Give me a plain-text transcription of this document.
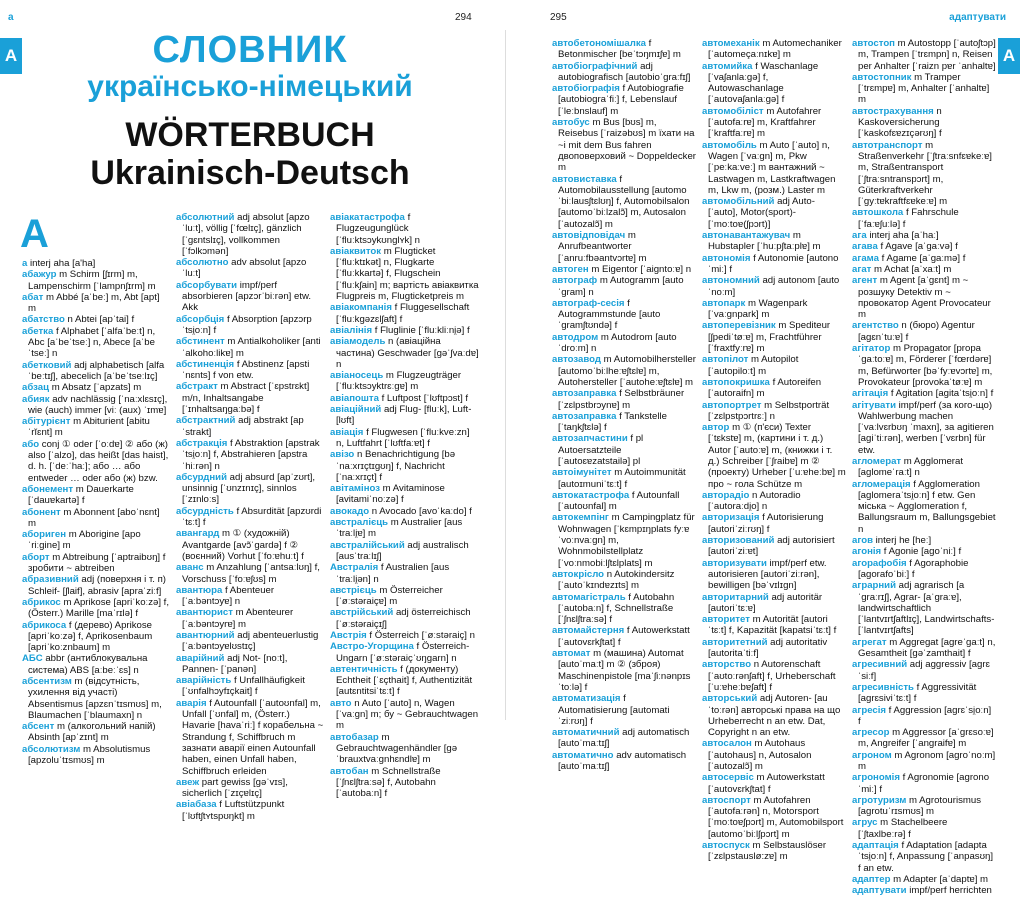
а	294	295	адаптувати
А	А
СЛОВНИК
українсько-німецький
WÖRTERBUCH
Ukrainisch-Deutsch
А

а interj aha [a'ha]

абажур m Schirm [ʃɪrm] m, Lampenschirm [ˈlampnʃɪrm] m

абат m Abbé [aˈbeː] m, Abt [apt] m

абатство n Abtei [apˈtai] f

абетка f Alphabet [ˈalfaˈbeːt] n, Abc [aˈbeˈtseː] n, Abece [aˈbeˈtseː] n

абетковий adj alphabetisch [alfaˈbeːtɪʃ], abecelich [aˈbeˈtseːlɪç]

абзац m Absatz [ˈapzats] m

абияк adv nachlässig [ˈnaːxlɛsɪç], wie (auch) immer [viː (aux) ˈɪmɐ]

абітурієнт m Abiturient [abituˈrĭɛnt] m

або conj ① oder [ˈoːdɐ] ② або (ж) also [ˈalzo], das heißt [das haist], d. h. [ˈdeːˈhaː]; або … або entweder … oder або (ж) bzw.

абонемент m Dauerkarte [ˈdauɐkartə] f

абонент m Abonnent [aboˈnɛnt] m

абориген m Aborigine [apoˈriːgine] m

аборт m Abtreibung [ˈaptraibʊŋ] f зробити ~ abtreiben

абразивний adj (поверхня і т. п) Schleif- [ʃlaif], abrasiv [apraˈziːf]

абрикос m Aprikose [apriˈkoːzə] f, (Österr.) Marille [maˈrɪlə] f

абрикоса f (дерево) Aprikose [apriˈkoːzə] f, Aprikosenbaum [apriˈkoːznbaum] m

АБС abbr (антиблокувальна система) ABS [aːbeːˈɛs] n

абсентизм m (відсутність, ухилення від участі) Absentismus [apzɛnˈtɪsmʊs] m, Blaumachen [ˈblaumaxn] n

абсент m (алкогольний напій) Absinth [apˈzɪnt] m

абсолютизм m Absolutismus [apzoluˈtɪsmʊs] m

абсолютний adj absolut [apzoˈluːt], völlig [ˈfœlɪç], gänzlich [ˈgɛntslɪç], vollkommen [ˈfɔlkɔmən]

абсолютно adv absolut [apzoˈluːt]

абсорбувати impf/perf absorbieren [apzɔrˈbiːrən] etw. Akk

абсорбція f Absorption [apzɔrpˈtsi̯oːn] f

абстинент m Antialkoholiker [antiˈalkohoːlikɐ] m

абстиненція f Abstinenz [apstiˈnɛnts] f von etw.

абстракт m Abstract [ˈɛpstrɛkt] m/n, Inhaltsangabe [ˈɪnhaltsaŋgaːbə] f

абстрактний adj abstrakt [apˈstrakt]

абстракція f Abstraktion [apstrakˈtsi̯oːn] f, Abstrahieren [apstraˈhiːrən] n

абсурдний adj absurd [apˈzʊrt], unsinnig [ˈʊnzɪnɪç], sinnlos [ˈzɪnloːs]

абсурдність f Absurdität [apzʊrdiˈtɛːt] f

авангард m ① (художній) Avantgarde [avɔ̃ˈgardə] f ② (воєнний) Vorhut [ˈfoːɐhuːt] f

аванс m Anzahlung [ˈantsaːlʊŋ] f, Vorschuss [ˈfoːɐʃʊs] m

авантюра f Abenteuer [ˈaːbəntɔyɐ] n

авантюрист m Abenteurer [ˈaːbəntɔyrɐ] m

авантюрний adj abenteuerlustig [ˈaːbəntɔyɐlʊstɪç]

аварійний adj Not- [noːt], Pannen- [ˈpanən]

аварійність f Unfallhäufigkeit [ˈʊnfalhɔyfɪçkait] f

аварія f Autounfall [ˈautoʊnfal] m, Unfall [ˈʊnfal] m, (Österr.) Havarie [havaˈriː] f корабельна ~ Strandung f, Schiffbruch m зазнати аварії einen Autounfall haben, einen Unfall haben, Schiffbruch erleiden

авеж part gewiss [gəˈvɪs], sicherlich [ˈzɪçɐlɪç]

авіабаза f Luftstützpunkt [ˈlʊftʃtʏtspʊŋkt] m

авіакатастрофа f Flugzeugunglück [ˈfluːktsɔykʊnglʏk] n

авіаквиток m Flugticket [ˈfluːktɪkət] n, Flugkarte [ˈfluːkkartə] f, Flugschein [ˈfluːkʃain] m; вартість авіаквитка Flugpreis m, Flugticketpreis m

авіакомпанія f Fluggesellschaft [ˈfluːkgəzɛlʃaft] f

авіалінія f Fluglinie [ˈfluːkliːni̯ə] f

авіамодель n (авіаційна частина) Geschwader [gəˈʃvaːdɐ] n

авіаносець m Flugzeugträger [ˈfluːktsɔyktrɛːgɐ] m

авіапошта f Luftpost [ˈlʊftpɔst] f

авіаційний adj Flug- [fluːk], Luft- [lʊft]

авіація f Flugwesen [ˈfluːkveːzn] n, Luftfahrt [ˈlʊftfaːɐt] f

авізо n Benachrichtigung [bəˈnaːxrɪçtɪgʊŋ] f, Nachricht [ˈnaːxrɪçt] f

авітаміноз m Avitaminose [avitamiˈnoːzə] f

авокадо n Avocado [avoˈkaːdo] f

австралієць m Australier [ausˈtraːli̯ɐ] m

австралійський adj australisch [ausˈtraːlɪʃ]

Австралія f Australien [ausˈtraːli̯ən] n

австрієць m Österreicher [ˈøːstəraiçɐ] m

австрійський adj österreichisch [ˈøːstəraiçɪʃ]

Австрія f Österreich [ˈøːstəraiç] n

Австро-Угорщина f Österreich-Ungarn [ˈøːstəraiçˈʊŋgarn] n

автентичність f (документу) Echtheit [ˈɛçthait] f, Authentizität [autɛntitsiˈtɛːt] f

авто n Auto [ˈauto] n, Wagen [ˈvaːgn] m; бу ~ Gebrauchtwagen m

автобазар m Gebrauchtwagenhändler [gəˈbrauxtvaːgnhɛndlɐ] m

автобан m Schnellstraße [ˈʃnɛlʃtraːsə] f, Autobahn [ˈautobaːn] f

автобетономішалка f Betonmischer [beˈtɔŋmɪʃɐ] m

автобіографічний adj autobiografisch [autobioˈgraːfɪʃ]

автобіографія f Autobiografie [autobiograˈfiː] f, Lebenslauf [ˈleːbnslauf] m

автобус m Bus [bʊs] m, Reisebus [ˈraizəbʊs] m їхати на ~і mit dem Bus fahren двоповерховий ~ Doppeldecker m

автовиставка f Automobilausstellung [automoˈbiːlausʃtɛlʊŋ] f, Automobilsalon [automoˈbiːlzalɔ̃] m, Autosalon [ˈautozalɔ̃] m

автовідповідач m Anrufbeantworter [ˈanruːfbəantvɔrtɐ] m

автоген m Eigentor [ˈaigntoːɐ] n

автограф m Autogramm [autoˈgram] n

автограф-сесія f Autogrammstunde [autoˈgramʃtʊndə] f

автодром m Autodrom [autoˈdroːm] n

автозавод m Automobilhersteller [automoˈbiːlheːɐʃtɛlɐ] m, Autohersteller [ˈautoheːɐʃtɛlɐ] m

автозаправка f Selbstbräuner [ˈzɛlpstbrɔynɐ] m

автозаправка f Tankstelle [ˈtaŋkʃtɛlə] f

автозапчастини f pl Autoersatzteile [ˈautoɛɐzatstailə] pl

автоімунітет m Autoimmunität [autoɪmuniˈtɛːt] f

автокатастрофа f Autounfall [ˈautoʊnfal] m

автокемпінг m Campingplatz für Wohnwagen [ˈkɛmpɪŋplats fyːɐ ˈvoːnvaːgn] m, Wohnmobilstellplatz [ˈvoːnmobiːlʃtɛlplats] m

автокрісло n Autokindersitz [ˈautoˈkɪndɐzɪts] m

автомагістраль f Autobahn [ˈautobaːn] f, Schnellstraße [ˈʃnɛlʃtraːsə] f

автомайстерня f Autowerkstatt [ˈautovɛrkʃtat] f

автомат m (машина) Automat [autoˈmaːt] m ② (зброя) Maschinenpistole [maˈʃiːnənpɪsˈtoːlə] f

автоматизація f Automatisierung [automatiˈziːrʊŋ] f

автоматичний adj automatisch [autoˈmaːtɪʃ]

автоматично adv automatisch [autoˈmaːtɪʃ]

автомеханік m Automechaniker [ˈautomeçaːnɪkɐ] m

автомийка f Waschanlage [ˈvaʃanlaːgə] f, Autowaschanlage [ˈautovaʃanlaːgə] f

автомобіліст m Autofahrer [ˈautofaːrɐ] m, Kraftfahrer [ˈkraftfaːrɐ] m

автомобіль m Auto [ˈauto] n, Wagen [ˈvaːgn] m, Pkw [ˈpeːkaːveː] m вантажний ~ Lastwagen m, Lastkraftwagen m, Lkw m, (розм.) Laster m

автомобільний adj Auto- [ˈauto], Motor(sport)- [ˈmoːtoɐ(ʃpɔrt)]

автонавантажувач m Hubstapler [ˈhuːpʃtaːplɐ] m

автономія f Autonomie [autonoˈmiː] f

автономний adj autonom [autoˈnoːm]

автопарк m Wagenpark [ˈvaːgnpark] m

автоперевізник m Spediteur [ʃpediˈtøːɐ] m, Frachtführer [ˈfraxtfyːrɐ] m

автопілот m Autopilot [ˈautopiloːt] m

автопокришка f Autoreifen [ˈautoraifn] m

автопортрет m Selbstporträt [ˈzɛlpstpɔrtrɛː] n

автор m ① (п'єси) Texter [ˈtɛkstɐ] m, (картини і т. д.) Autor [ˈautoːɐ] m, (книжки і т. д.) Schreiber [ˈʃraibɐ] m ② (проекту) Urheber [ˈuːɐheːbɐ] m про ~ гола Schütze m

авторадіо n Autoradio [ˈautoraːdi̯o] n

авторизація f Autorisierung [autoriˈziːrʊŋ] f

авторизований adj autorisiert [autoriˈziːɐt]

авторизувати impf/perf etw. autorisieren [autoriˈziːrən], bewilligen [bəˈvɪlɪgn]

авторитарний adj autoritär [autoriˈtɛːɐ]

авторитет m Autorität [autoriˈtɛːt] f, Kapazität [kapatsiˈtɛːt] f

авторитетний adj autoritativ [autoritaˈtiːf]

авторство n Autorenschaft [ˈaʊtoːrənʃaft] f, Urheberschaft [ˈuːɐheːbɐʃaft] f

авторський adj Autoren- [auˈtoːrən] авторські права на що Urheberrecht n an etw. Dat, Copyright n an etw.

автосалон m Autohaus [ˈautohaus] n, Autosalon [ˈautozalɔ̃] m

автосервіс m Autowerkstatt [ˈautovɛrkʃtat] f

автоспорт m Autofahren [ˈautofaːrən] n, Motorsport [ˈmoːtoɐʃpɔrt] m, Automobilsport [automoˈbiːlʃpɔrt] m

автоспуск m Selbstauslöser [ˈzɛlpstauslø:zɐ] m

автостоп m Autostopp [ˈautoʃtɔp] m, Trampen [ˈtrɛmpn] n, Reisen per Anhalter [ˈraizn pɐr ˈanhaltɐ]

автостопник m Tramper [ˈtrɛmpɐ] m, Anhalter [ˈanhaltɐ] m

автострахування n Kaskoversicherung [ˈkaskofɛɐzɪçərʊŋ] f

автотранспорт m Straßenverkehr [ˈʃtraːsnfɛɐkeːɐ] m, Straßentransport [ˈʃtraːsntranspɔrt] m, Güterkraftverkehr [ˈgyːtɐkraftfɛɐkeːɐ] m

автошкола f Fahrschule [ˈfaːɐʃuːlə] f

ага interj aha [aˈhaː]

агава f Agave [aˈgaːvə] f

агама f Agame [aˈgaːmə] f

агат m Achat [aˈxaːt] m

агент m Agent [aˈgɛnt] m ~ розшуку Detektiv m ~ провокатор Agent Provocateur m

агентство n (бюро) Agentur [agɛnˈtuːɐ] f

агітатор m Propagator [propaˈgaːtoːɐ] m, Förderer [ˈfœrdərɐ] m, Befürworter [bəˈfyːɐvɔrtɐ] m, Provokateur [provokaˈtøːɐ] m

агітація f Agitation [agitaˈtsi̯oːn] f

агітувати impf/perf (за кого-що) Wahlwerbung machen [ˈvaːlvɛrbʊŋ ˈmaxn], за agitieren [agiˈtiːrən], werben [ˈvɛrbn] für etw.

агломерат m Agglomerat [aglomeˈraːt] n

агломерація f Agglomeration [aglomeraˈtsi̯oːn] f etw. Gen міська ~ Agglomeration f, Ballungsraum m, Ballungsgebiet n

агов interj he [heː]

агонія f Agonie [agoˈniː] f

агорафобія f Agoraphobie [agorafoˈbiː] f

аграрний adj agrarisch [aˈgraːrɪʃ], Agrar- [aˈgraːɐ], landwirtschaftlich [ˈlantvɪrtʃaftlɪç], Landwirtschafts- [ˈlantvɪrtʃafts]

агрегат m Aggregat [agreˈgaːt] n, Gesamtheit [gəˈzamthait] f

агресивний adj aggressiv [agrɛˈsiːf]

агресивність f Aggressivität [agrɛsiviˈtɛːt] f

агресія f Aggression [agrɛˈsi̯oːn] f

агресор m Aggressor [aˈgrɛsoːɐ] m, Angreifer [ˈangraifɐ] m

агроном m Agronom [agroˈnoːm] m

агрономія f Agronomie [agronoˈmiː] f

агротуризм m Agrotourismus [agrotuˈrɪsmʊs] m

агрус m Stachelbeere [ˈʃtaxlbeːrə] f

адаптація f Adaptation [adaptaˈtsi̯oːn] f, Anpassung [ˈanpasʊŋ] f an etw.

адаптер m Adapter [aˈdaptɐ] m

адаптувати impf/perf herrichten
